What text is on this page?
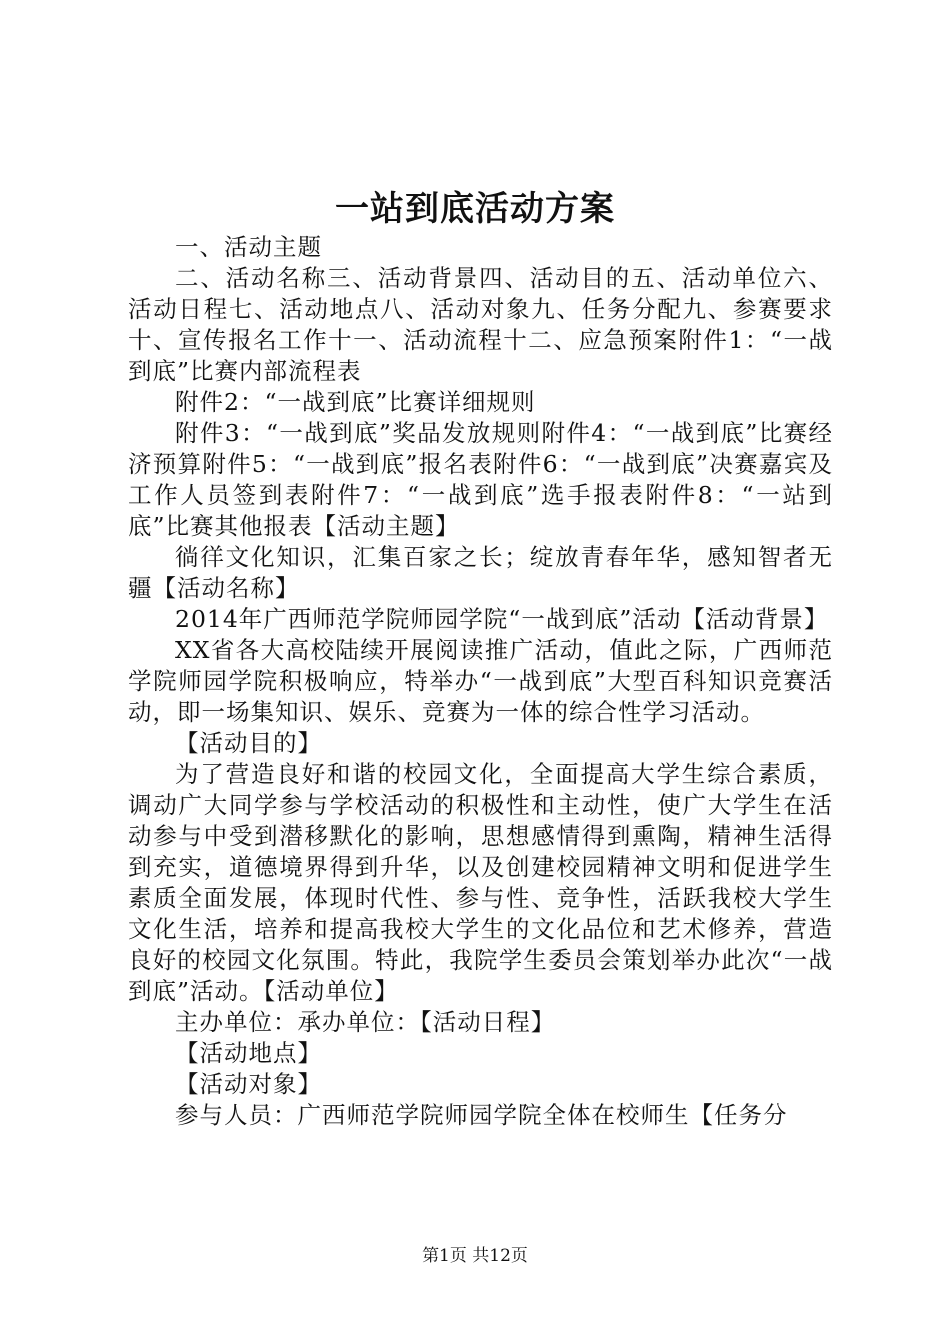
一站到底活动方案

一、活动主题

二、活动名称三、活动背景四、活动目的五、活动单位六、活动日程七、活动地点八、活动对象九、任务分配九、参赛要求十、宣传报名工作十一、活动流程十二、应急预案附件1：“一战到底”比赛内部流程表

附件2：“一战到底”比赛详细规则

附件3：“一战到底”奖品发放规则附件4：“一战到底”比赛经济预算附件5：“一战到底”报名表附件6：“一战到底”决赛嘉宾及工作人员签到表附件7：“一战到底”选手报表附件8：“一站到底”比赛其他报表【活动主题】

徜徉文化知识，汇集百家之长；绽放青春年华，感知智者无疆【活动名称】

2014年广西师范学院师园学院“一战到底”活动【活动背景】

XX省各大高校陆续开展阅读推广活动，值此之际，广西师范学院师园学院积极响应，特举办“一战到底”大型百科知识竞赛活动，即一场集知识、娱乐、竞赛为一体的综合性学习活动。

【活动目的】

为了营造良好和谐的校园文化，全面提高大学生综合素质，调动广大同学参与学校活动的积极性和主动性，使广大学生在活动参与中受到潜移默化的影响，思想感情得到熏陶，精神生活得到充实，道德境界得到升华，以及创建校园精神文明和促进学生素质全面发展，体现时代性、参与性、竞争性，活跃我校大学生文化生活，培养和提高我校大学生的文化品位和艺术修养，营造良好的校园文化氛围。特此，我院学生委员会策划举办此次“一战到底”活动。【活动单位】

主办单位：承办单位：【活动日程】

【活动地点】

【活动对象】

参与人员：广西师范学院师园学院全体在校师生【任务分

第1页 共12页
